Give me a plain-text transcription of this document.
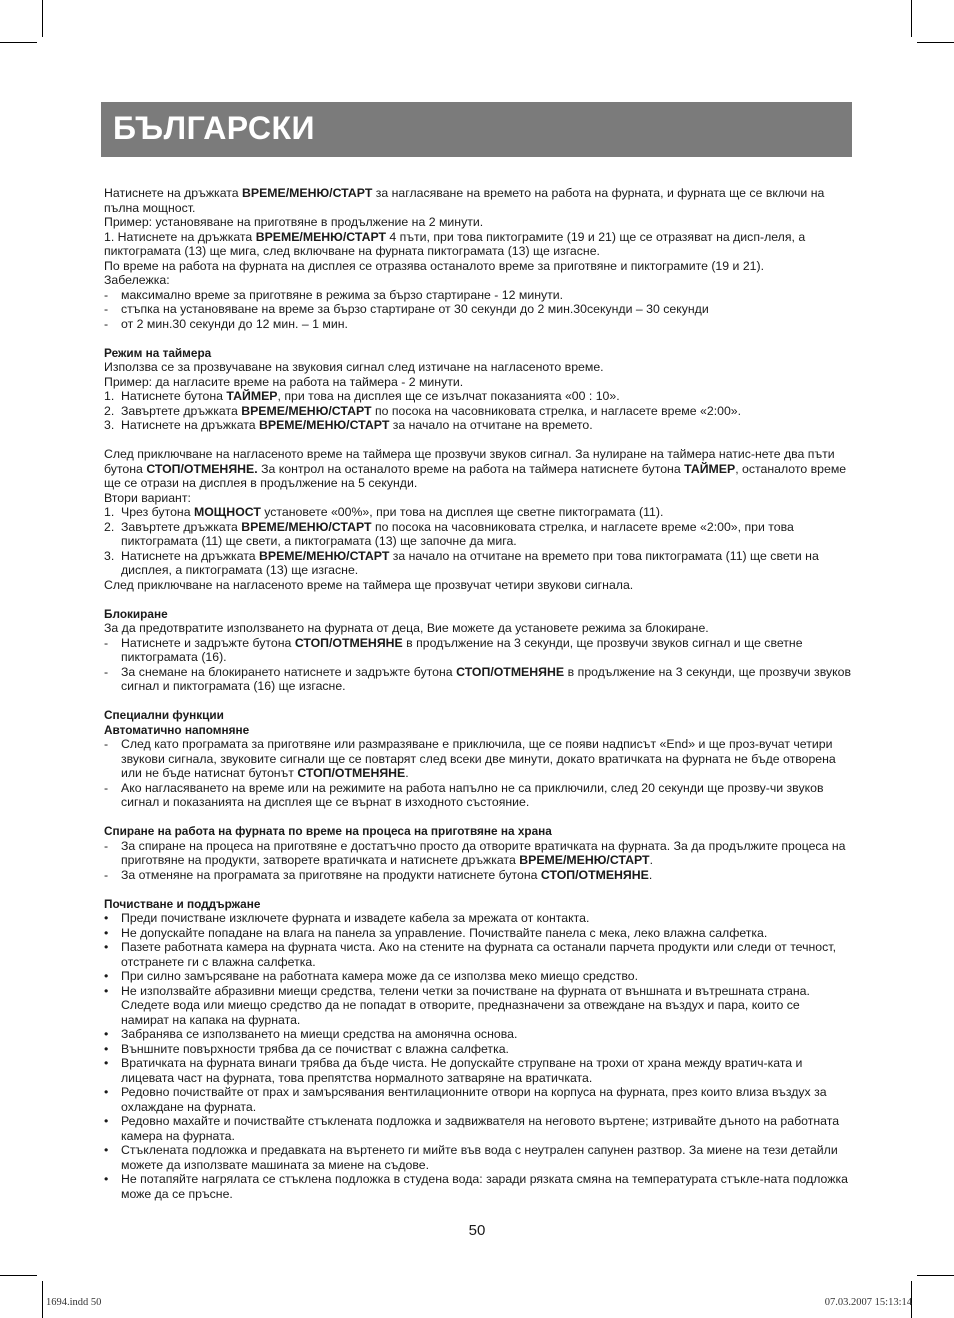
БЪЛГАРСКИ

Натиснете на дръжката ВРЕМЕ/МЕНЮ/СТАРТ за нагласяване на времето на работа на фурната, и фурната ще се включи на пълна мощност.

Пример: установяване на приготвяне в продължение на 2 минути.

1. Натиснете на дръжката ВРЕМЕ/МЕНЮ/СТАРТ 4 пъти, при това пиктограмите (19 и 21) ще се отразяват на дисп-леля, а пиктограмата (13) ще мига, след включване на фурната пиктограмата (13) ще изгасне.

По време на работа на фурната на дисплея се отразява останалото време за приготвяне и пиктограмите (19 и 21).

Забележка:

-	максимално време за приготвяне в режима за бързо стартиране - 12 минути.
-	стъпка на установяване на време за бързо стартиране от 30 секунди до 2 мин.30секунди – 30 секунди
-	от 2 мин.30 секунди до 12 мин. – 1 мин.

Режим на таймера

Използва се за прозвучаване на звуковия сигнал след изтичане на нагласеното време.

Пример: да нагласите време на работа на таймера - 2 минути.

1. Натиснете бутона ТАЙМЕР, при това на дисплея ще се изълчат показанията «00 : 10».
2. Завъртете дръжката ВРЕМЕ/МЕНЮ/СТАРТ по посока на часовниковата стрелка, и нагласете време «2:00».
3. Натиснете на дръжката ВРЕМЕ/МЕНЮ/СТАРТ за начало на отчитане на времето.

След приключване на нагласеното време на таймера ще прозвучи звуков сигнал. За нулиране на таймера натис-нете два пъти бутона СТОП/ОТМЕНЯНЕ. За контрол на останалото време на работа на таймера натиснете бутона ТАЙМЕР, останалото време ще се отрази на дисплея в продължение на 5 секунди.

Втори вариант:

1. Чрез бутона МОЩНОСТ установете «00%», при това на дисплея ще светне пиктограмата (11).
2. Завъртете дръжката ВРЕМЕ/МЕНЮ/СТАРТ по посока на часовниковата стрелка, и нагласете време «2:00», при това пиктограмата (11) ще свети, а пиктограмата (13) ще започне да мига.
3. Натиснете на дръжката ВРЕМЕ/МЕНЮ/СТАРТ за начало на отчитане на времето при това пиктограмата (11) ще свети на дисплея, а пиктограмата (13) ще изгасне.

След приключване на нагласеното време на таймера ще прозвучат четири звукови сигнала.

Блокиране

За да предотвратите използването на фурната от деца, Вие можете да установете режима за блокиране.

-	Натиснете и задръжте бутона СТОП/ОТМЕНЯНЕ в продължение на 3 секунди, ще прозвучи звуков сигнал и ще светне пиктограмата (16).
-	За снемане на блокирането натиснете и задръжте бутона СТОП/ОТМЕНЯНЕ в продължение на 3 секунди, ще прозвучи звуков сигнал и пиктограмата (16) ще изгасне.

Специални функции

Автоматично напомняне

-	След като програмата за приготвяне или размразяване е приключила, ще се появи надписът «End» и ще проз-вучат четири звукови сигнала, звуковите сигнали ще се повтарят след всеки две минути, докато вратичката на фурната не бъде отворена или не бъде натиснат бутонът СТОП/ОТМЕНЯНЕ.
-	Ако нагласяването на време или на режимите на работа напълно не са приключили, след 20 секунди ще прозву-чи звуков сигнал и показанията на дисплея ще се върнат в изходното състояние.

Спиране на работа на фурната по време на процеса на приготвяне на храна

-	За спиране на процеса на приготвяне е достатъчно просто да отворите вратичката на фурната. За да продължите процеса на приготвяне на продукти, затворете вратичката и натиснете дръжката ВРЕМЕ/МЕНЮ/СТАРТ.
-	За отменяне на програмата за приготвяне на продукти натиснете бутона СТОП/ОТМЕНЯНЕ.

Почистване и поддържане

•	Преди почистване изключете фурната и извадете кабела за мрежата от контакта.
•	Не допускайте попадане на влага на панела за управление. Почиствайте панела с мека, леко влажна салфетка.
•	Пазете работната камера на фурната чиста. Ако на стените на фурната са останали парчета продукти или следи от течност, отстранете ги с влажна салфетка.
•	При силно замърсяване на работната камера може да се използва меко миещо средство.
•	Не използвайте абразивни миещи средства, телени четки за почистване на фурната от външната и вътрешната страна. Следете вода или миещо средство да не попадат в отворите, предназначени за отвеждане на въздух и пара, които се намират на капака на фурната.
•	Забранява се използването на миещи средства на амонячна основа.
•	Външните повърхности трябва да се почистват с влажна салфетка.
•	Вратичката на фурната винаги трябва да бъде чиста. Не допускайте струпване на трохи от храна между вратич-ката и лицевата част на фурната, това препятства нормалното затваряне на вратичката.
•	Редовно почиствайте от прах и замърсявания вентилационните отвори на корпуса на фурната, през които влиза въздух за охлаждане на фурната.
•	Редовно махайте и почиствайте стъклената подложка и задвижвателя на неговото въртене; изтривайте дъното на работната камера на фурната.
•	Стъклената подложка и предавката на въртенето ги мийте във вода с неутрален сапунен разтвор. За миене на тези детайли можете да използвате машината за миене на съдове.
•	Не потапяйте нагрялата се стъклена подложка в студена вода: заради рязката смяна на температурата стъкле-ната подложка може да се пръсне.
50
1694.indd 50	07.03.2007 15:13:14
